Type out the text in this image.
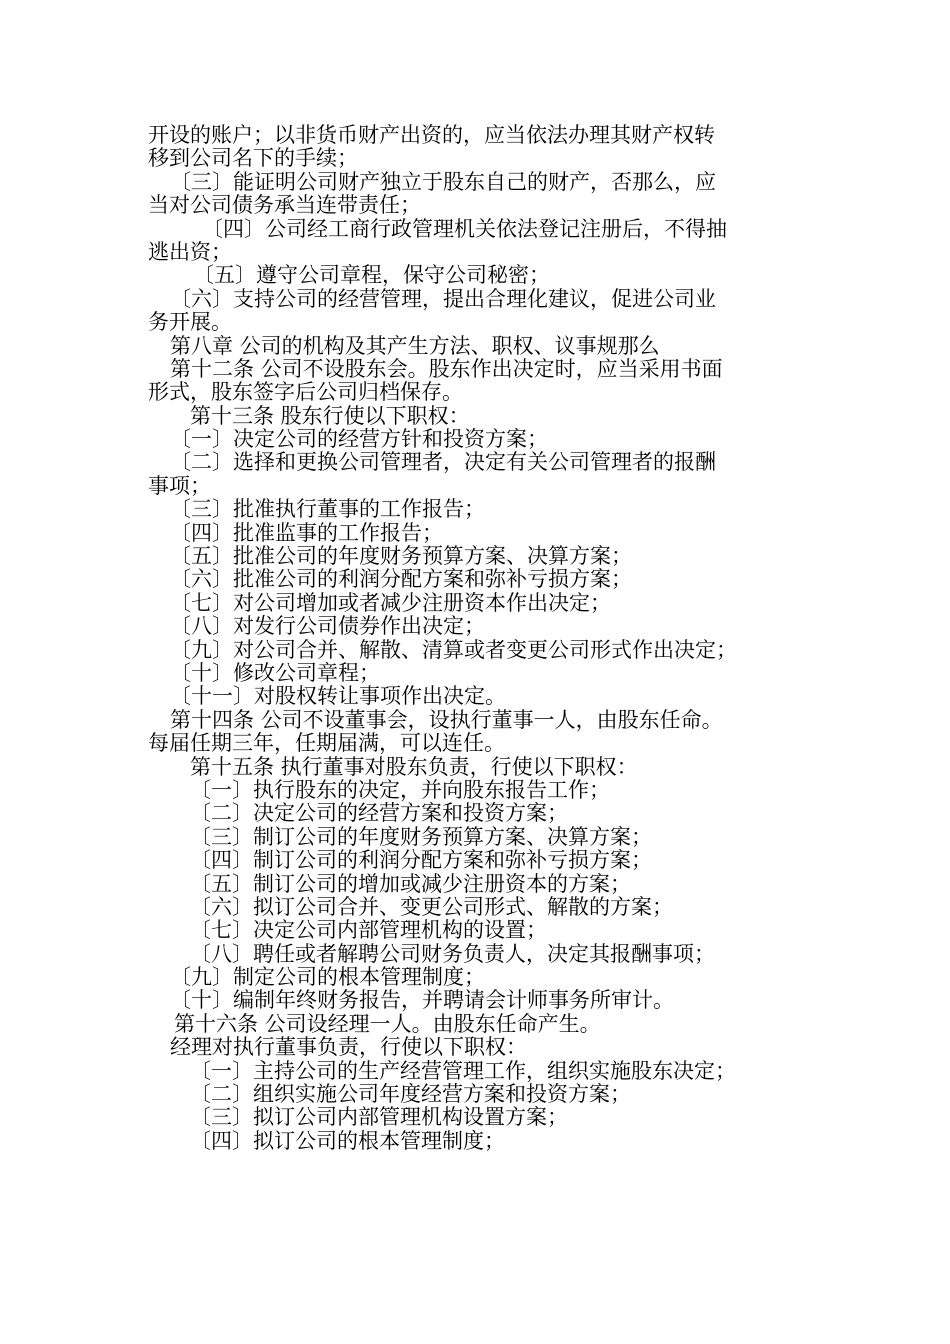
开设的账户；以非货币财产出资的，应当依法办理其财产权转
移到公司名下的手续；
〔三〕能证明公司财产独立于股东自己的财产，否那么，应
当对公司债务承当连带责任；
〔四〕公司经工商行政管理机关依法登记注册后，不得抽
逃出资；
〔五〕遵守公司章程，保守公司秘密；
〔六〕支持公司的经营管理，提出合理化建议，促进公司业
务开展。
第八章 公司的机构及其产生方法、职权、议事规那么
第十二条 公司不设股东会。股东作出决定时，应当采用书面
形式，股东签字后公司归档保存。
第十三条 股东行使以下职权：
〔一〕决定公司的经营方针和投资方案；
〔二〕选择和更换公司管理者，决定有关公司管理者的报酬
事项；
〔三〕批准执行董事的工作报告；
〔四〕批准监事的工作报告；
〔五〕批准公司的年度财务预算方案、决算方案；
〔六〕批准公司的利润分配方案和弥补亏损方案；
〔七〕对公司增加或者减少注册资本作出决定；
〔八〕对发行公司债券作出决定；
〔九〕对公司合并、解散、清算或者变更公司形式作出决定；
〔十〕修改公司章程；
〔十一〕对股权转让事项作出决定。
第十四条 公司不设董事会，设执行董事一人，由股东任命。
每届任期三年，任期届满，可以连任。
第十五条 执行董事对股东负责，行使以下职权：
〔一〕执行股东的决定，并向股东报告工作；
〔二〕决定公司的经营方案和投资方案；
〔三〕制订公司的年度财务预算方案、决算方案；
〔四〕制订公司的利润分配方案和弥补亏损方案；
〔五〕制订公司的增加或减少注册资本的方案；
〔六〕拟订公司合并、变更公司形式、解散的方案；
〔七〕决定公司内部管理机构的设置；
〔八〕聘任或者解聘公司财务负责人，决定其报酬事项；
〔九〕制定公司的根本管理制度；
〔十〕编制年终财务报告，并聘请会计师事务所审计。
第十六条 公司设经理一人。由股东任命产生。
经理对执行董事负责，行使以下职权：
〔一〕主持公司的生产经营管理工作，组织实施股东决定；
〔二〕组织实施公司年度经营方案和投资方案；
〔三〕拟订公司内部管理机构设置方案；
〔四〕拟订公司的根本管理制度；
